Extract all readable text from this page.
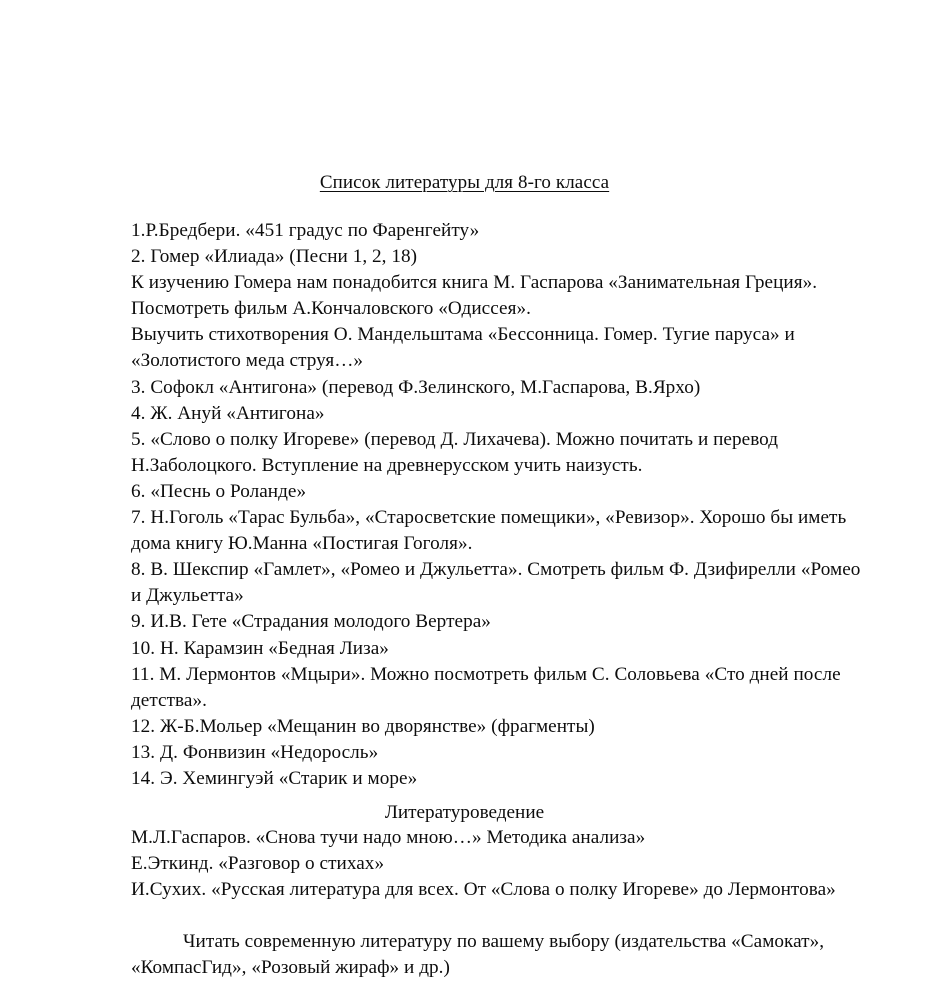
Список литературы для 8-го класса

1.Р.Бредбери. «451 градус по Фаренгейту»

2. Гомер «Илиада» (Песни 1, 2, 18)

К изучению Гомера нам понадобится книга М. Гаспарова «Занимательная Греция». Посмотреть фильм А.Кончаловского «Одиссея».

Выучить стихотворения О. Мандельштама «Бессонница. Гомер. Тугие паруса» и «Золотистого меда струя…»

3. Софокл «Антигона» (перевод Ф.Зелинского, М.Гаспарова, В.Ярхо)

4. Ж. Ануй «Антигона»

5. «Слово о полку Игореве» (перевод Д. Лихачева). Можно почитать и перевод Н.Заболоцкого. Вступление на древнерусском учить наизусть.

6. «Песнь о Роланде»

7. Н.Гоголь «Тарас Бульба», «Старосветские помещики», «Ревизор». Хорошо бы иметь дома книгу Ю.Манна «Постигая Гоголя».

8. В. Шекспир «Гамлет», «Ромео и Джульетта». Смотреть фильм Ф. Дзифирелли «Ромео и Джульетта»

9. И.В. Гете «Страдания молодого Вертера»

10. Н. Карамзин «Бедная Лиза»

11. М. Лермонтов «Мцыри». Можно посмотреть фильм С. Соловьева «Сто дней после детства».

12. Ж-Б.Мольер «Мещанин во дворянстве» (фрагменты)

13. Д. Фонвизин «Недоросль»

14. Э. Хемингуэй «Старик и море»

Литературоведение

М.Л.Гаспаров. «Снова тучи надо мною…» Методика анализа»

Е.Эткинд. «Разговор о стихах»

И.Сухих. «Русская литература для всех. От «Слова о полку Игореве» до Лермонтова»

Читать современную литературу по вашему выбору (издательства «Самокат», «КомпасГид», «Розовый жираф» и др.)
